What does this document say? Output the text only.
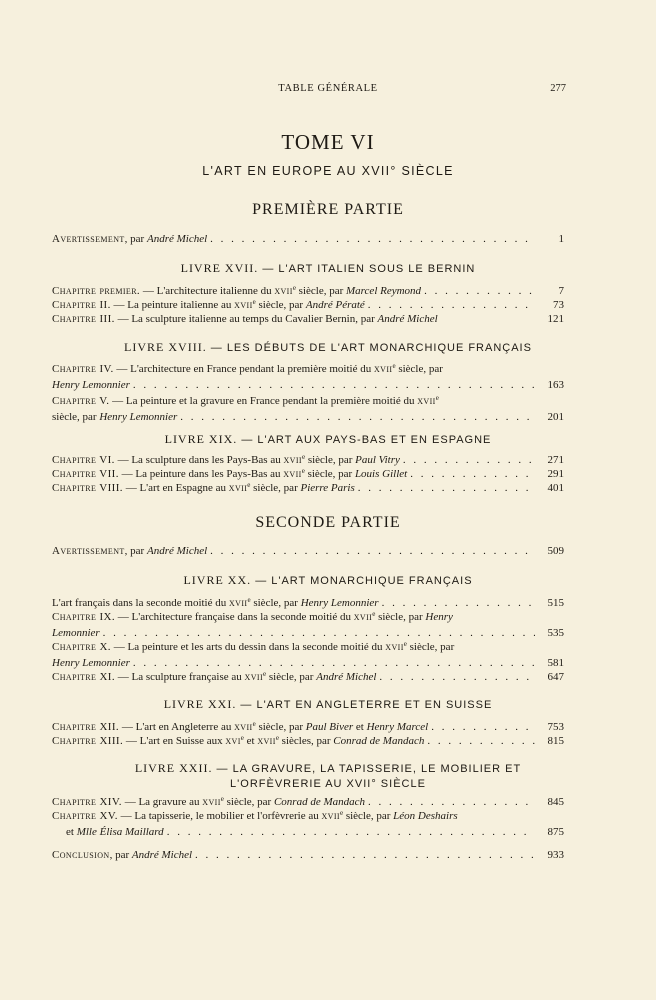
TABLE GÉNÉRALE	277
TOME VI
L'ART EN EUROPE AU XVII° SIÈCLE
PREMIÈRE PARTIE
Avertissement, par André Michel . . .	1
LIVRE XVII. — L'ART ITALIEN SOUS LE BERNIN
Chapitre premier. — L'architecture italienne du xvii$^e$ siècle, par Marcel Reymond . . .	7
Chapitre II. — La peinture italienne au xvii$^e$ siècle, par André Pératé . . .	73
Chapitre III. — La sculpture italienne au temps du Cavalier Bernin, par André Michel	121
LIVRE XVIII. — LES DÉBUTS DE L'ART MONARCHIQUE FRANÇAIS
Chapitre IV. — L'architecture en France pendant la première moitié du xvii$^e$ siècle, par
Henry Lemonnier . . .	163
Chapitre V. — La peinture et la gravure en France pendant la première moitié du xvii$^e$
siècle, par Henry Lemonnier . . .	201
LIVRE XIX. — L'ART AUX PAYS-BAS ET EN ESPAGNE
Chapitre VI. — La sculpture dans les Pays-Bas au xvii$^e$ siècle, par Paul Vitry . . .	271
Chapitre VII. — La peinture dans les Pays-Bas au xvii$^e$ siècle, par Louis Gillet . . .	291
Chapitre VIII. — L'art en Espagne au xvii$^e$ siècle, par Pierre Paris . . .	401
SECONDE PARTIE
Avertissement, par André Michel . . .	509
LIVRE XX. — L'ART MONARCHIQUE FRANÇAIS
L'art français dans la seconde moitié du xvii$^e$ siècle, par Henry Lemonnier . . .	515
Chapitre IX. — L'architecture française dans la seconde moitié du xvii$^e$ siècle, par Henry
Lemonnier . . .	535
Chapitre X. — La peinture et les arts du dessin dans la seconde moitié du xvii$^e$ siècle, par
Henry Lemonnier . . .	581
Chapitre XI. — La sculpture française au xvii$^e$ siècle, par André Michel . . .	647
LIVRE XXI. — L'ART EN ANGLETERRE ET EN SUISSE
Chapitre XII. — L'art en Angleterre au xvii$^e$ siècle, par Paul Biver et Henry Marcel . . .	753
Chapitre XIII. — L'art en Suisse aux xvi$^e$ et xvii$^e$ siècles, par Conrad de Mandach . . .	815
LIVRE XXII. — LA GRAVURE, LA TAPISSERIE, LE MOBILIER ET
L'ORFÈVRERIE AU XVII° SIÈCLE
Chapitre XIV. — La gravure au xvii$^e$ siècle, par Conrad de Mandach . . .	845
Chapitre XV. — La tapisserie, le mobilier et l'orfèvrerie au xvii$^e$ siècle, par Léon Deshairs
et Mlle Élisa Maillard . . .	875
Conclusion, par André Michel . . .	933
